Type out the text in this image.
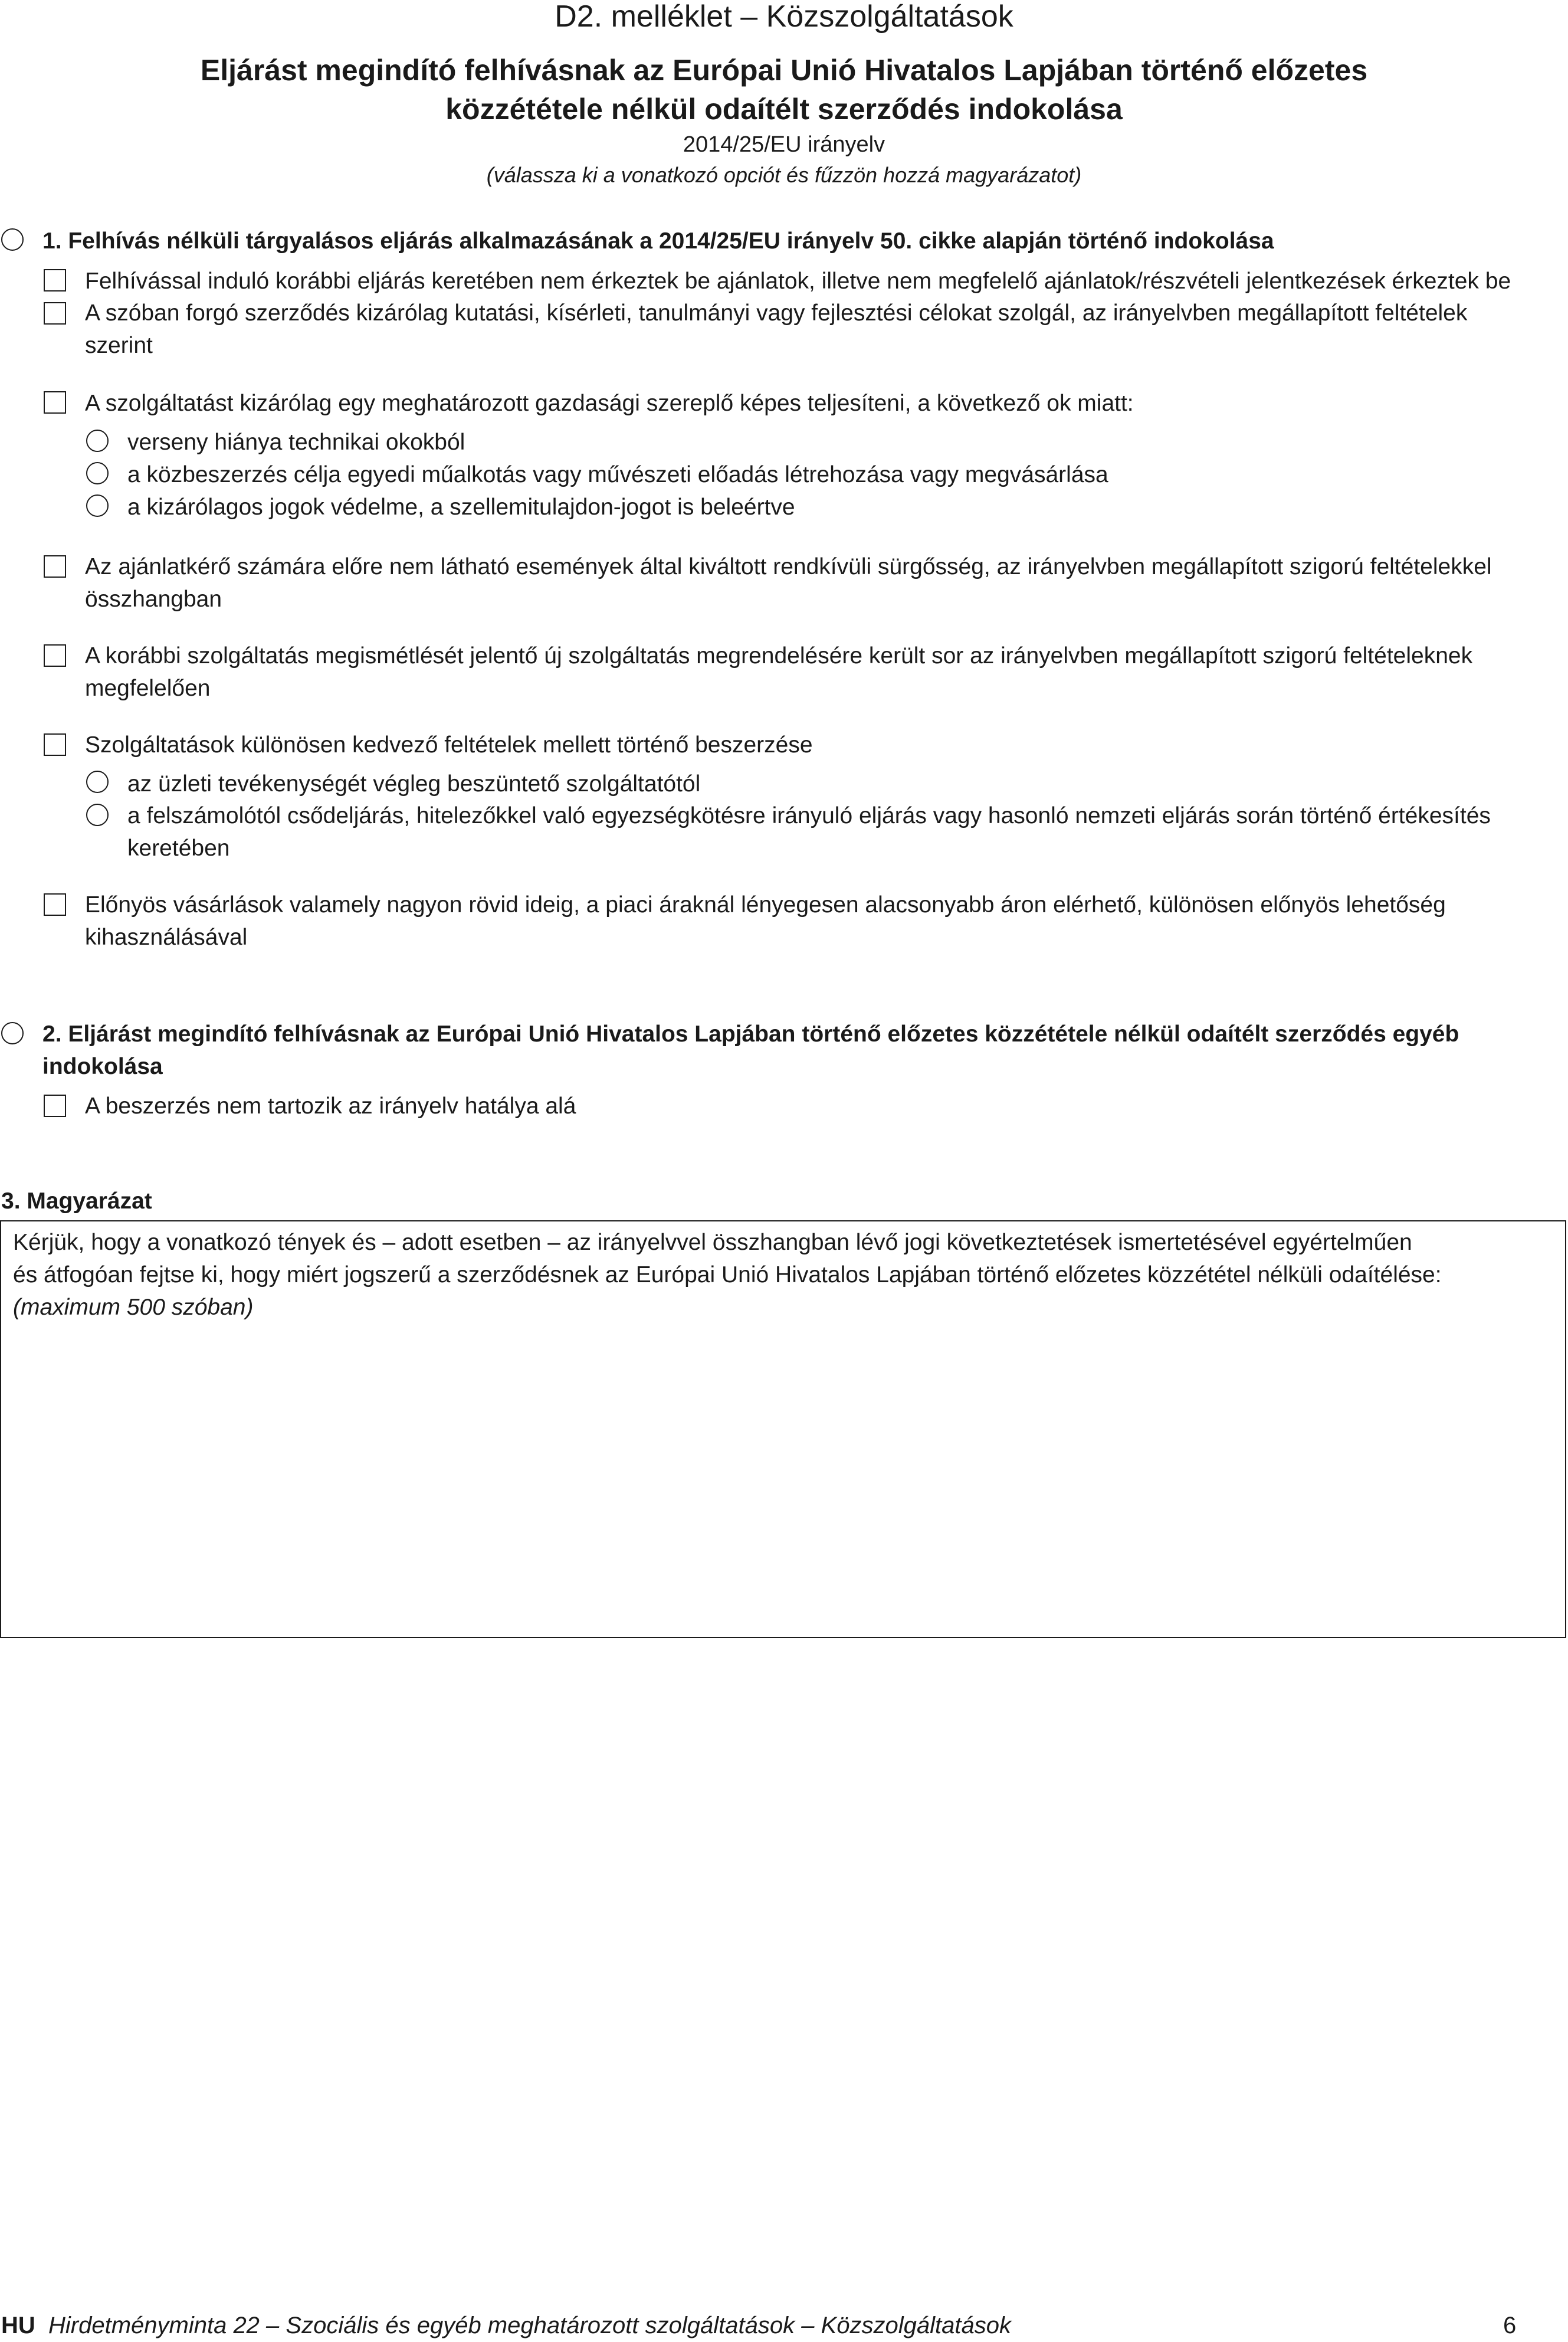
D2. melléklet – Közszolgáltatások
Eljárást megindító felhívásnak az Európai Unió Hivatalos Lapjában történő előzetes
közzététele nélkül odaítélt szerződés indokolása
2014/25/EU irányelv
(válassza ki a vonatkozó opciót és fűzzön hozzá magyarázatot)
1. Felhívás nélküli tárgyalásos eljárás alkalmazásának a 2014/25/EU irányelv 50. cikke alapján történő indokolása
Felhívással induló korábbi eljárás keretében nem érkeztek be ajánlatok, illetve nem megfelelő ajánlatok/részvételi jelentkezések érkeztek be
A szóban forgó szerződés kizárólag kutatási, kísérleti, tanulmányi vagy fejlesztési célokat szolgál, az irányelvben megállapított feltételek
szerint
A szolgáltatást kizárólag egy meghatározott gazdasági szereplő képes teljesíteni, a következő ok miatt:
verseny hiánya technikai okokból
a közbeszerzés célja egyedi műalkotás vagy művészeti előadás létrehozása vagy megvásárlása
a kizárólagos jogok védelme, a szellemitulajdon-jogot is beleértve
Az ajánlatkérő számára előre nem látható események által kiváltott rendkívüli sürgősség, az irányelvben megállapított szigorú feltételekkel
összhangban
A korábbi szolgáltatás megismétlését jelentő új szolgáltatás megrendelésére került sor az irányelvben megállapított szigorú feltételeknek
megfelelően
Szolgáltatások különösen kedvező feltételek mellett történő beszerzése
az üzleti tevékenységét végleg beszüntető szolgáltatótól
a felszámolótól csődeljárás, hitelezőkkel való egyezségkötésre irányuló eljárás vagy hasonló nemzeti eljárás során történő értékesítés
keretében
Előnyös vásárlások valamely nagyon rövid ideig, a piaci áraknál lényegesen alacsonyabb áron elérhető, különösen előnyös lehetőség
kihasználásával
2. Eljárást megindító felhívásnak az Európai Unió Hivatalos Lapjában történő előzetes közzététele nélkül odaítélt szerződés egyéb
indokolása
A beszerzés nem tartozik az irányelv hatálya alá
3. Magyarázat
Kérjük, hogy a vonatkozó tények és – adott esetben – az irányelvvel összhangban lévő jogi következtetések ismertetésével egyértelműen
és átfogóan fejtse ki, hogy miért jogszerű a szerződésnek az Európai Unió Hivatalos Lapjában történő előzetes közzététel nélküli odaítélése:
(maximum 500 szóban)
HU Hirdetményminta 22 – Szociális és egyéb meghatározott szolgáltatások – Közszolgáltatások	6
